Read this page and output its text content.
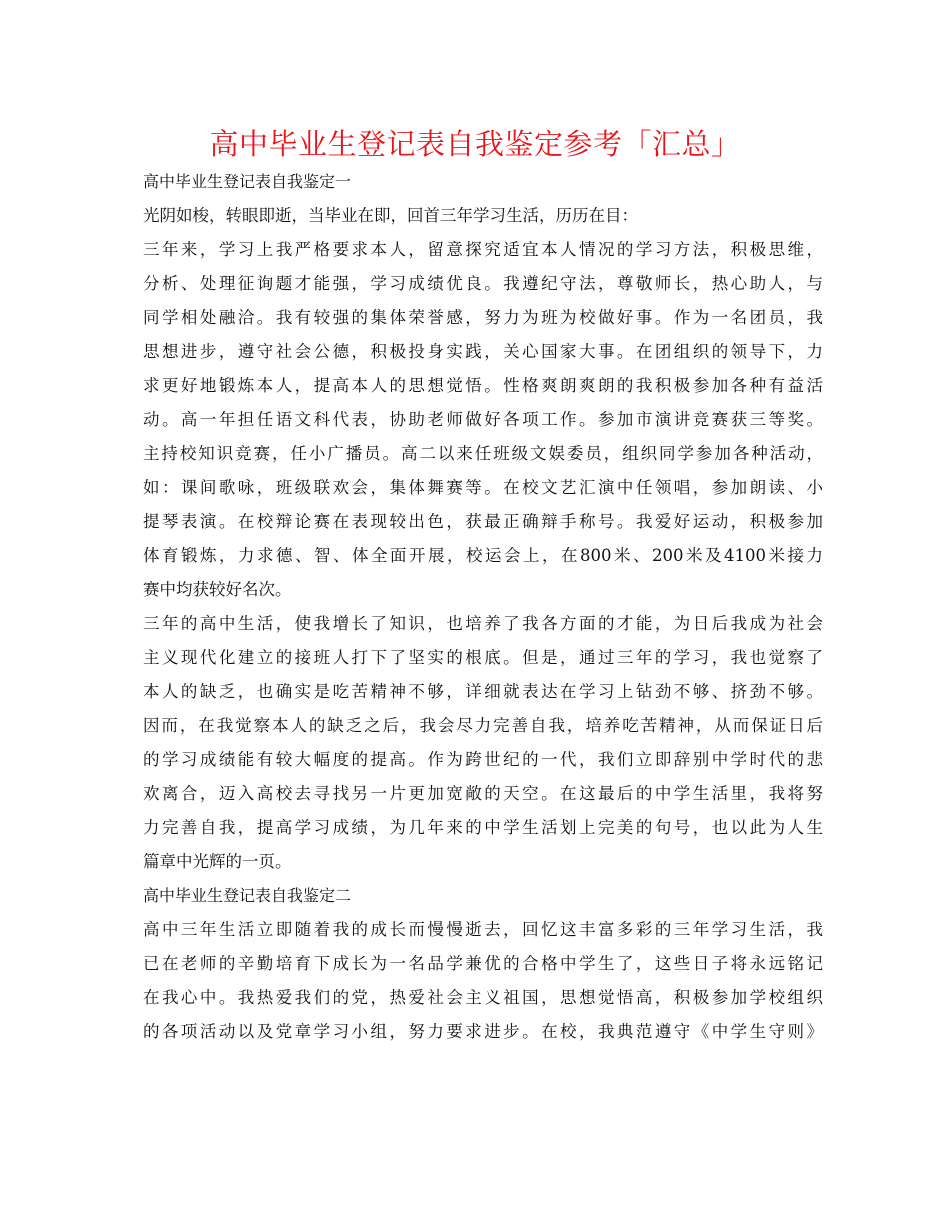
高中毕业生登记表自我鉴定参考「汇总」

高中毕业生登记表自我鉴定一

光阴如梭，转眼即逝，当毕业在即，回首三年学习生活，历历在目：

三年来，学习上我严格要求本人，留意探究适宜本人情况的学习方法，积极思维，

分析、处理征询题才能强，学习成绩优良。我遵纪守法，尊敬师长，热心助人，与

同学相处融洽。我有较强的集体荣誉感，努力为班为校做好事。作为一名团员，我

思想进步，遵守社会公德，积极投身实践，关心国家大事。在团组织的领导下，力

求更好地锻炼本人，提高本人的思想觉悟。性格爽朗爽朗的我积极参加各种有益活

动。高一年担任语文科代表，协助老师做好各项工作。参加市演讲竞赛获三等奖。

主持校知识竞赛，任小广播员。高二以来任班级文娱委员，组织同学参加各种活动，

如：课间歌咏，班级联欢会，集体舞赛等。在校文艺汇演中任领唱，参加朗读、小

提琴表演。在校辩论赛在表现较出色，获最正确辩手称号。我爱好运动，积极参加

体育锻炼，力求德、智、体全面开展，校运会上，在800米、200米及4100米接力

赛中均获较好名次。

三年的高中生活，使我增长了知识，也培养了我各方面的才能，为日后我成为社会

主义现代化建立的接班人打下了坚实的根底。但是，通过三年的学习，我也觉察了

本人的缺乏，也确实是吃苦精神不够，详细就表达在学习上钻劲不够、挤劲不够。

因而，在我觉察本人的缺乏之后，我会尽力完善自我，培养吃苦精神，从而保证日后

的学习成绩能有较大幅度的提高。作为跨世纪的一代，我们立即辞别中学时代的悲

欢离合，迈入高校去寻找另一片更加宽敞的天空。在这最后的中学生活里，我将努

力完善自我，提高学习成绩，为几年来的中学生活划上完美的句号，也以此为人生

篇章中光辉的一页。

高中毕业生登记表自我鉴定二

高中三年生活立即随着我的成长而慢慢逝去，回忆这丰富多彩的三年学习生活，我

已在老师的辛勤培育下成长为一名品学兼优的合格中学生了，这些日子将永远铭记

在我心中。我热爱我们的党，热爱社会主义祖国，思想觉悟高，积极参加学校组织

的各项活动以及党章学习小组，努力要求进步。在校，我典范遵守《中学生守则》
